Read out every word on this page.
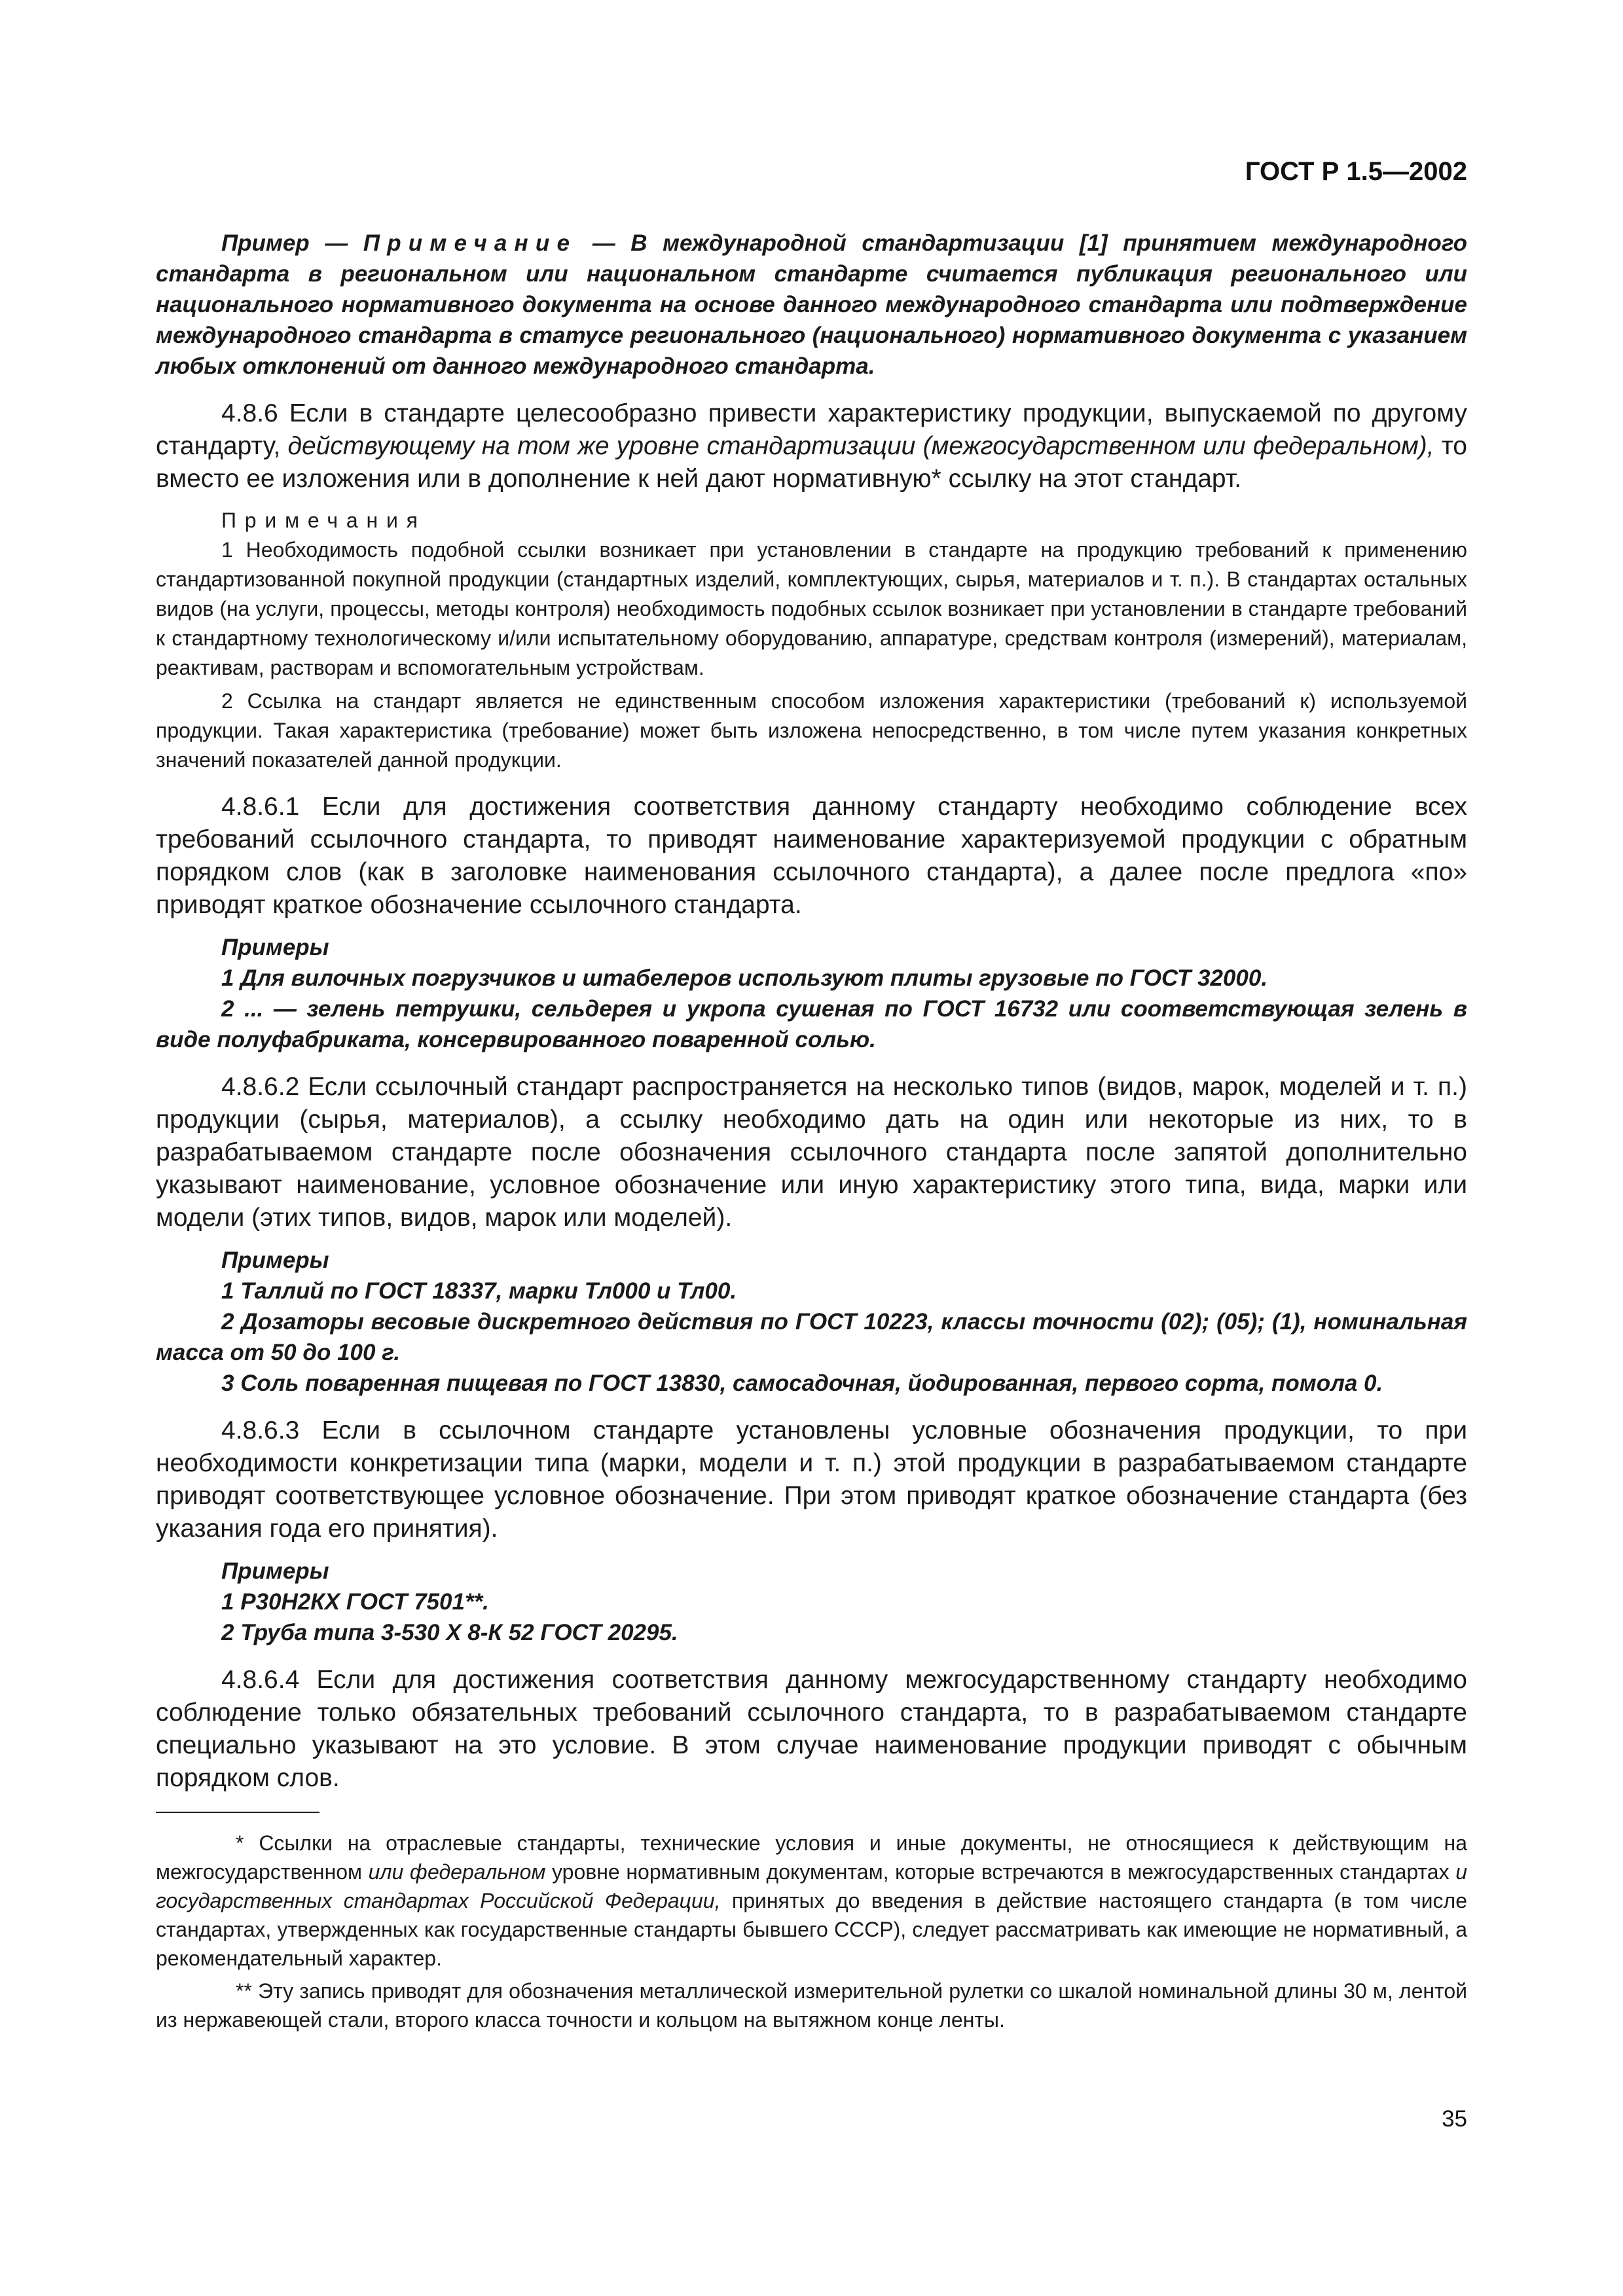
ГОСТ Р 1.5—2002

Пример — Примечание — В международной стандартизации [1] принятием международного стандарта в региональном или национальном стандарте считается публикация регионального или национального нормативного документа на основе данного международного стандарта или подтверждение международного стандарта в статусе регионального (национального) нормативного документа с указанием любых отклонений от данного международного стандарта.

4.8.6 Если в стандарте целесообразно привести характеристику продукции, выпускаемой по другому стандарту, действующему на том же уровне стандартизации (межгосударственном или федеральном), то вместо ее изложения или в дополнение к ней дают нормативную* ссылку на этот стандарт.

Примечания

1 Необходимость подобной ссылки возникает при установлении в стандарте на продукцию требований к применению стандартизованной покупной продукции (стандартных изделий, комплектующих, сырья, материалов и т. п.). В стандартах остальных видов (на услуги, процессы, методы контроля) необходимость подобных ссылок возникает при установлении в стандарте требований к стандартному технологическому и/или испытательному оборудованию, аппаратуре, средствам контроля (измерений), материалам, реактивам, растворам и вспомогательным устройствам.

2 Ссылка на стандарт является не единственным способом изложения характеристики (требований к) используемой продукции. Такая характеристика (требование) может быть изложена непосредственно, в том числе путем указания конкретных значений показателей данной продукции.

4.8.6.1 Если для достижения соответствия данному стандарту необходимо соблюдение всех требований ссылочного стандарта, то приводят наименование характеризуемой продукции с обратным порядком слов (как в заголовке наименования ссылочного стандарта), а далее после предлога «по» приводят краткое обозначение ссылочного стандарта.

Примеры

1 Для вилочных погрузчиков и штабелеров используют плиты грузовые по ГОСТ 32000.

2 ... — зелень петрушки, сельдерея и укропа сушеная по ГОСТ 16732 или соответствующая зелень в виде полуфабриката, консервированного поваренной солью.

4.8.6.2 Если ссылочный стандарт распространяется на несколько типов (видов, марок, моделей и т. п.) продукции (сырья, материалов), а ссылку необходимо дать на один или некоторые из них, то в разрабатываемом стандарте после обозначения ссылочного стандарта после запятой дополнительно указывают наименование, условное обозначение или иную характеристику этого типа, вида, марки или модели (этих типов, видов, марок или моделей).

Примеры

1 Таллий по ГОСТ 18337, марки Тл000 и Тл00.

2 Дозаторы весовые дискретного действия по ГОСТ 10223, классы точности (02); (05); (1), номинальная масса от 50 до 100 г.

3 Соль поваренная пищевая по ГОСТ 13830, самосадочная, йодированная, первого сорта, помола 0.

4.8.6.3 Если в ссылочном стандарте установлены условные обозначения продукции, то при необходимости конкретизации типа (марки, модели и т. п.) этой продукции в разрабатываемом стандарте приводят соответствующее условное обозначение. При этом приводят краткое обозначение стандарта (без указания года его принятия).

Примеры

1 Р30Н2КХ ГОСТ 7501**.

2 Труба типа 3-530 X 8-К 52 ГОСТ 20295.

4.8.6.4 Если для достижения соответствия данному межгосударственному стандарту необходимо соблюдение только обязательных требований ссылочного стандарта, то в разрабатываемом стандарте специально указывают на это условие. В этом случае наименование продукции приводят с обычным порядком слов.

* Ссылки на отраслевые стандарты, технические условия и иные документы, не относящиеся к действующим на межгосударственном или федеральном уровне нормативным документам, которые встречаются в межгосударственных стандартах и государственных стандартах Российской Федерации, принятых до введения в действие настоящего стандарта (в том числе стандартах, утвержденных как государственные стандарты бывшего СССР), следует рассматривать как имеющие не нормативный, а рекомендательный характер.

** Эту запись приводят для обозначения металлической измерительной рулетки со шкалой номинальной длины 30 м, лентой из нержавеющей стали, второго класса точности и кольцом на вытяжном конце ленты.

35
